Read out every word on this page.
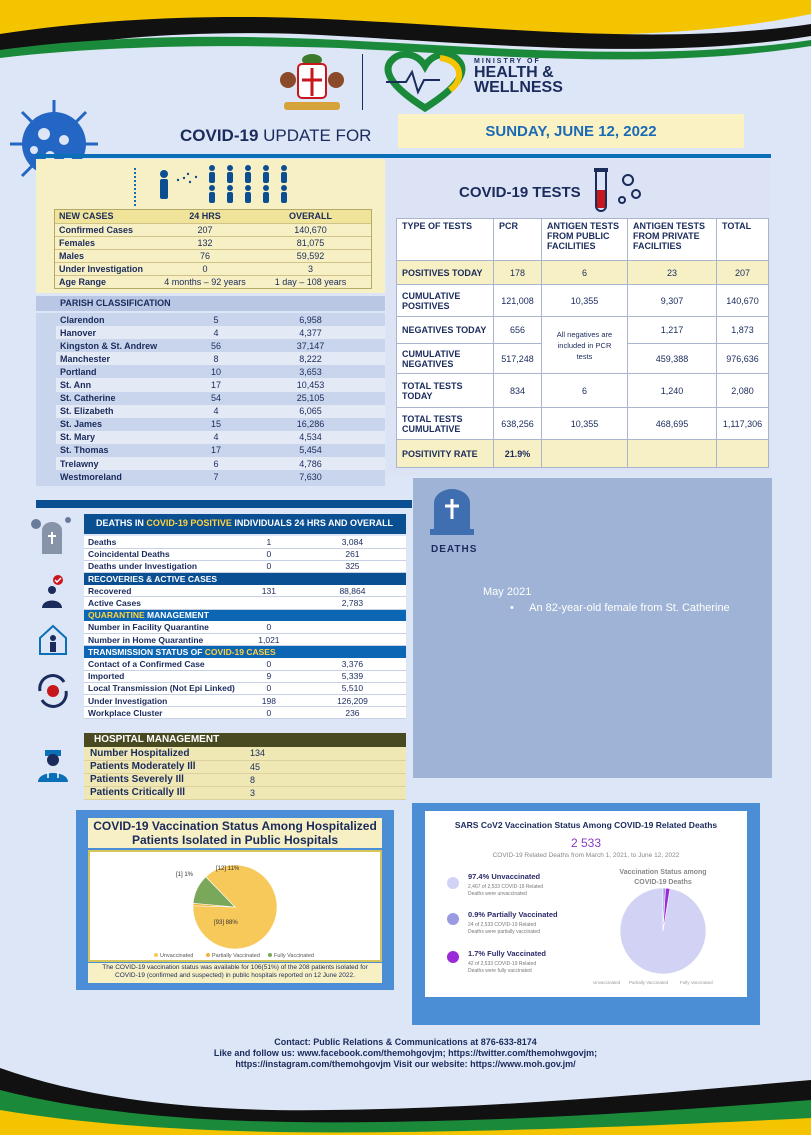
MINISTRY OF
HEALTH &
WELLNESS
COVID-19 UPDATE FOR	SUNDAY, JUNE 12, 2022
NEW CASES	24 HRS	OVERALL
Confirmed Cases	207	140,670
Females	132	81,075
Males	76	59,592
Under Investigation	0	3
Age Range	4 months – 92 years	1 day – 108 years
PARISH CLASSIFICATION
Clarendon	5	6,958
Hanover	4	4,377
Kingston & St. Andrew	56	37,147
Manchester	8	8,222
Portland	10	3,653
St. Ann	17	10,453
St. Catherine	54	25,105
St. Elizabeth	4	6,065
St. James	15	16,286
St. Mary	4	4,534
St. Thomas	17	5,454
Trelawny	6	4,786
Westmoreland	7	7,630
COVID-19 TESTS
TYPE OF TESTS	PCR	ANTIGEN TESTS FROM PUBLIC FACILITIES	ANTIGEN TESTS FROM PRIVATE FACILITIES	TOTAL
POSITIVES TODAY	178	6	23	207
CUMULATIVE POSITIVES	121,008	10,355	9,307	140,670
NEGATIVES TODAY	656	All negatives are included in PCR tests	1,217	1,873
CUMULATIVE NEGATIVES	517,248		459,388	976,636
TOTAL TESTS TODAY	834	6	1,240	2,080
TOTAL TESTS CUMULATIVE	638,256	10,355	468,695	1,117,306
POSITIVITY RATE	21.9%			
DEATHS
May 2021
• An 82-year-old female from St. Catherine
DEATHS IN COVID-19 POSITIVE INDIVIDUALS 24 HRS AND OVERALL
Deaths	1	3,084
Coincidental Deaths	0	261
Deaths under Investigation	0	325
RECOVERIES & ACTIVE CASES		
Recovered	131	88,864
Active Cases		2,783
QUARANTINE MANAGEMENT		
Number in Facility Quarantine	0	
Number in Home Quarantine	1,021	
TRANSMISSION STATUS OF COVID-19 CASES		
Contact of a Confirmed Case	0	3,376
Imported	9	5,339
Local Transmission (Not Epi Linked)	0	5,510
Under Investigation	198	126,209
Workplace Cluster	0	236
HOSPITAL MANAGEMENT
Number Hospitalized	134
Patients Moderately Ill	45
Patients Severely Ill	8
Patients Critically Ill	3
COVID-19 Vaccination Status Among Hospitalized
Patients Isolated in Public Hospitals
[1] 1%
[12] 11%
[93] 88%
Unvaccinated	Partially Vaccinated	Fully Vaccinated
The COVID-19 vaccination status was available for 106(51%) of the 208 patients isolated for COVID-19 (confirmed and suspected) in public hospitals reported on 12 June 2022.
SARS CoV2 Vaccination Status Among COVID-19 Related Deaths
2 533
COVID-19 Related Deaths from March 1, 2021, to June 12, 2022
97.4% Unvaccinated
2,467 of 2,533 COVID-19 Related
Deaths were unvaccinated
0.9% Partially Vaccinated
24 of 2,533 COVID-19 Related
Deaths were partially vaccinated
1.7% Fully Vaccinated
42 of 2,533 COVID-19 Related
Deaths were fully vaccinated
Vaccination Status among
COVID-19 Deaths
Unvaccinated Partially Vaccinated	Fully Vaccinated
Contact: Public Relations & Communications at 876-633-8174
Like and follow us: www.facebook.com/themohgovjm; https://twitter.com/themohwgovjm;
https://instagram.com/themohgovjm Visit our website: https://www.moh.gov.jm/
